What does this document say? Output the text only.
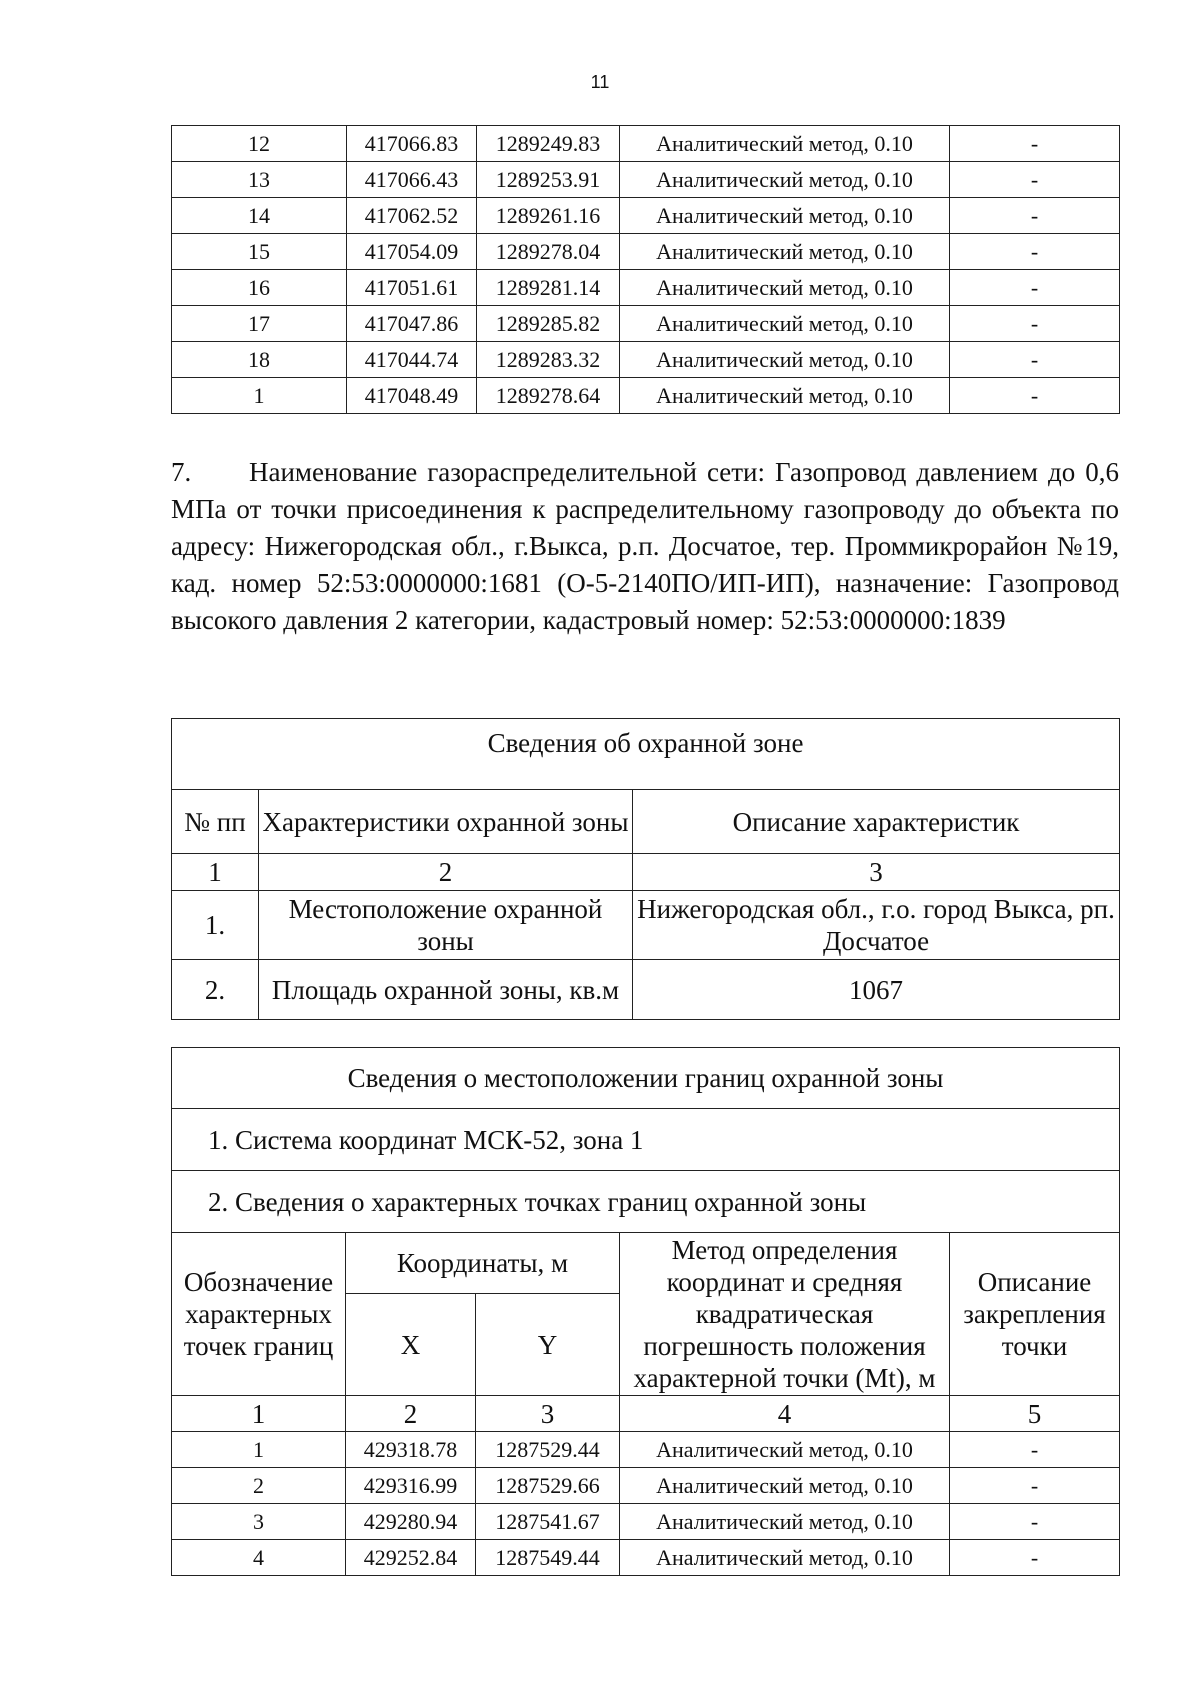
11
12	417066.83	1289249.83	Аналитический метод, 0.10	-
13	417066.43	1289253.91	Аналитический метод, 0.10	-
14	417062.52	1289261.16	Аналитический метод, 0.10	-
15	417054.09	1289278.04	Аналитический метод, 0.10	-
16	417051.61	1289281.14	Аналитический метод, 0.10	-
17	417047.86	1289285.82	Аналитический метод, 0.10	-
18	417044.74	1289283.32	Аналитический метод, 0.10	-
1	417048.49	1289278.64	Аналитический метод, 0.10	-
7. Наименование газораспределительной сети: Газопровод давлением до 0,6 МПа от точки присоединения к распределительному газопроводу до объекта по адресу: Нижегородская обл., г.Выкса, р.п. Досчатое, тер. Проммикрорайон №19, кад. номер 52:53:0000000:1681 (О-5-2140ПО/ИП-ИП), назначение: Газопровод высокого давления 2 категории, кадастровый номер: 52:53:0000000:1839
Сведения об охранной зоне		
№ пп	Характеристики охранной зоны	Описание характеристик
1	2	3
1.	Местоположение охранной зоны	Нижегородская обл., г.о. город Выкса, рп. Досчатое
2.	Площадь охранной зоны, кв.м	1067
Сведения о местоположении границ охранной зоны				
1. Система координат МСК-52, зона 1				
2. Сведения о характерных точках границ охранной зоны				
Обозначение характерных точек границ	Координаты, м		Метод определения координат и средняя квадратическая погрешность положения характерной точки (Mt), м	Описание закрепления точки
	X	Y		
1	2	3	4	5
1	429318.78	1287529.44	Аналитический метод, 0.10	-
2	429316.99	1287529.66	Аналитический метод, 0.10	-
3	429280.94	1287541.67	Аналитический метод, 0.10	-
4	429252.84	1287549.44	Аналитический метод, 0.10	-
